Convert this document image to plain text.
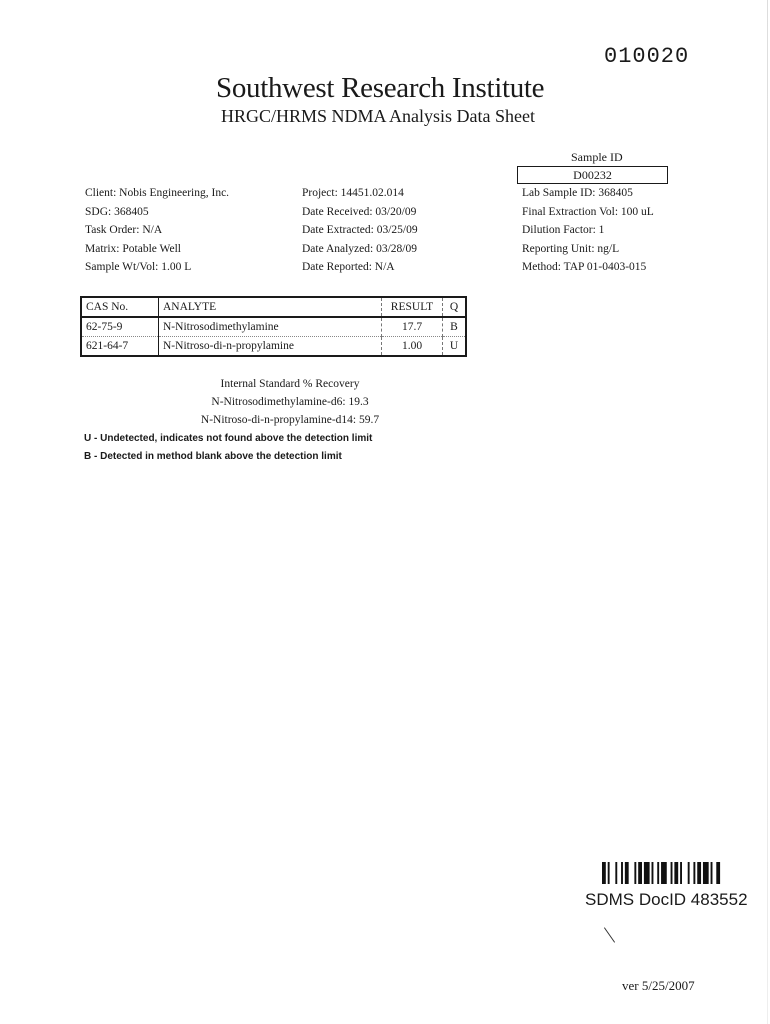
010020
Southwest Research Institute
HRGC/HRMS NDMA Analysis Data Sheet
Sample ID
D00232
Client: Nobis Engineering, Inc.
SDG: 368405
Task Order: N/A
Matrix: Potable Well
Sample Wt/Vol: 1.00 L
Project: 14451.02.014
Date Received: 03/20/09
Date Extracted: 03/25/09
Date Analyzed: 03/28/09
Date Reported: N/A
Lab Sample ID: 368405
Final Extraction Vol: 100 uL
Dilution Factor: 1
Reporting Unit: ng/L
Method: TAP 01-0403-015
CAS No.	ANALYTE	RESULT	Q
62-75-9	N-Nitrosodimethylamine	17.7	B
621-64-7	N-Nitroso-di-n-propylamine	1.00	U
Internal Standard % Recovery
N-Nitrosodimethylamine-d6: 19.3
N-Nitroso-di-n-propylamine-d14: 59.7
U - Undetected, indicates not found above the detection limit
B - Detected in method blank above the detection limit
SDMS DocID 483552
ver 5/25/2007
